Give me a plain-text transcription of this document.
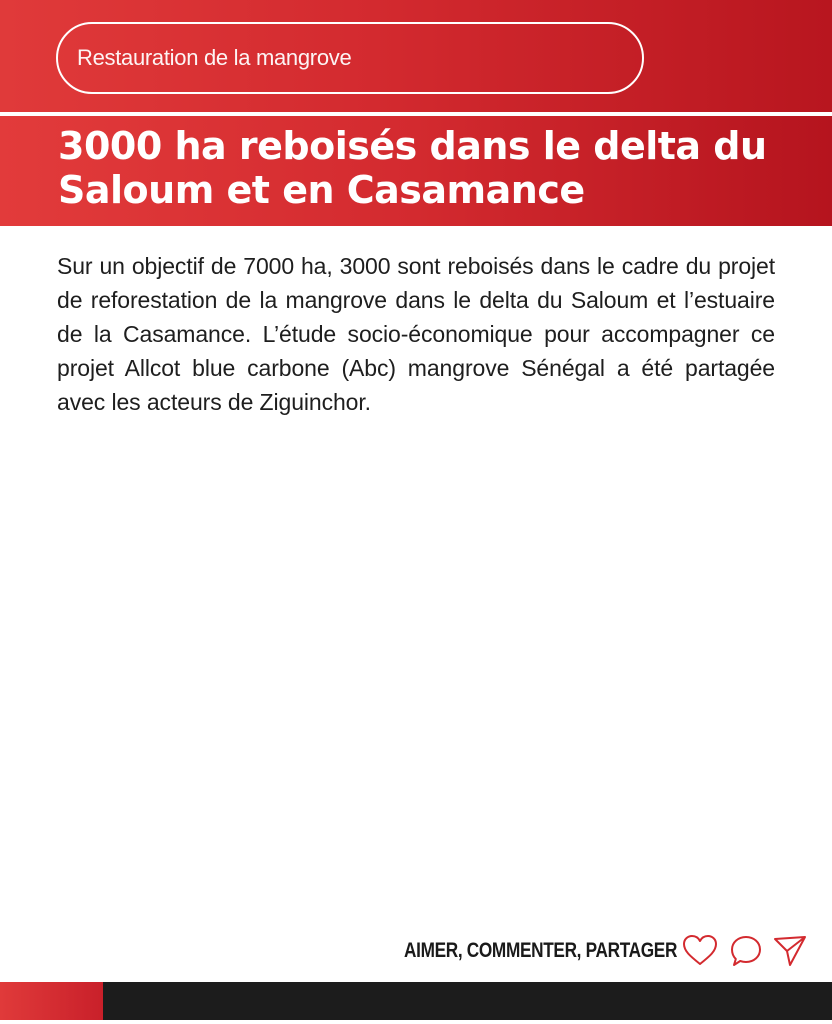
Restauration de la mangrove
3000 ha reboisés dans le delta du Saloum et en Casamance

Sur un objectif de 7000 ha, 3000 sont reboisés dans le cadre du projet de reforestation de la mangrove dans le delta du Saloum et l’estuaire de la Casamance. L’étude socio-économique pour accompagner ce projet Allcot blue carbone (Abc) mangrove Sénégal a été partagée avec les acteurs de Ziguinchor.

AIMER, COMMENTER, PARTAGER
